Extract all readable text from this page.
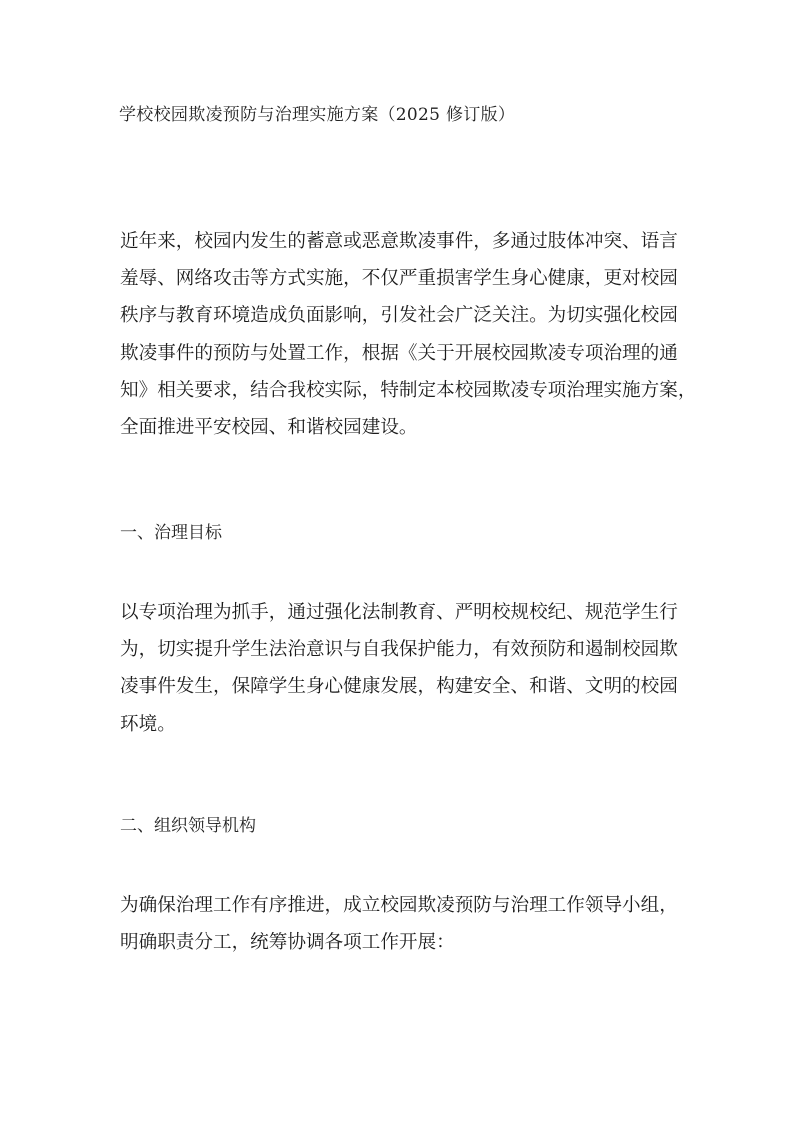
学校校园欺凌预防与治理实施方案（2025 修订版）
近年来，校园内发生的蓄意或恶意欺凌事件，多通过肢体冲突、语言
羞辱、网络攻击等方式实施，不仅严重损害学生身心健康，更对校园
秩序与教育环境造成负面影响，引发社会广泛关注。为切实强化校园
欺凌事件的预防与处置工作，根据《关于开展校园欺凌专项治理的通
知》相关要求，结合我校实际，特制定本校园欺凌专项治理实施方案，
全面推进平安校园、和谐校园建设。
一、治理目标
以专项治理为抓手，通过强化法制教育、严明校规校纪、规范学生行
为，切实提升学生法治意识与自我保护能力，有效预防和遏制校园欺
凌事件发生，保障学生身心健康发展，构建安全、和谐、文明的校园
环境。
二、组织领导机构
为确保治理工作有序推进，成立校园欺凌预防与治理工作领导小组，
明确职责分工，统筹协调各项工作开展：
